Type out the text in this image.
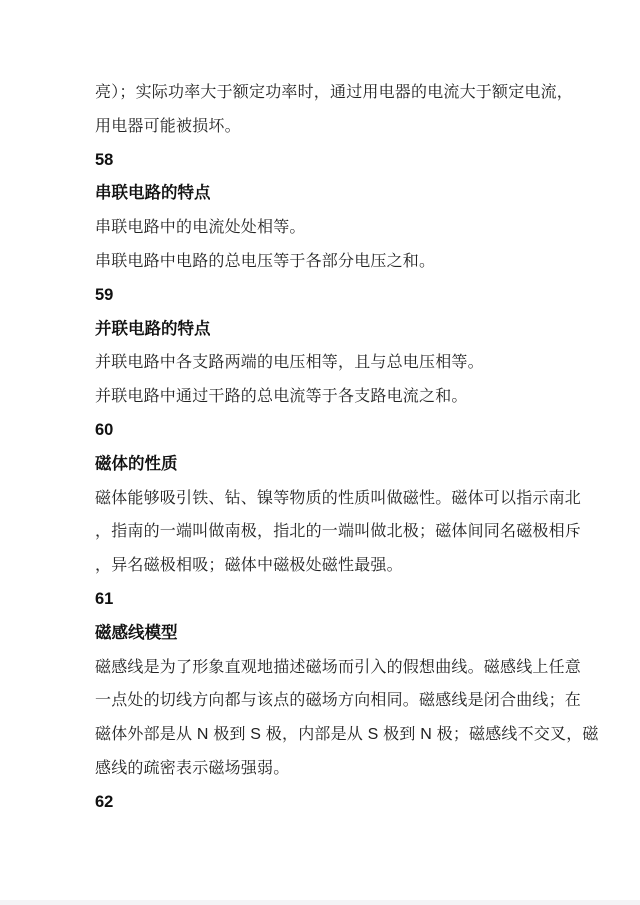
亮）；实际功率大于额定功率时，通过用电器的电流大于额定电流，
用电器可能被损坏。
58
串联电路的特点
串联电路中的电流处处相等。
串联电路中电路的总电压等于各部分电压之和。
59
并联电路的特点
并联电路中各支路两端的电压相等，且与总电压相等。
并联电路中通过干路的总电流等于各支路电流之和。
60
磁体的性质
磁体能够吸引铁、钻、镍等物质的性质叫做磁性。磁体可以指示南北
，指南的一端叫做南极，指北的一端叫做北极；磁体间同名磁极相斥
，异名磁极相吸；磁体中磁极处磁性最强。
61
磁感线模型
磁感线是为了形象直观地描述磁场而引入的假想曲线。磁感线上任意
一点处的切线方向都与该点的磁场方向相同。磁感线是闭合曲线；在
磁体外部是从 N 极到 S 极，内部是从 S 极到 N 极；磁感线不交叉，磁
感线的疏密表示磁场强弱。
62
